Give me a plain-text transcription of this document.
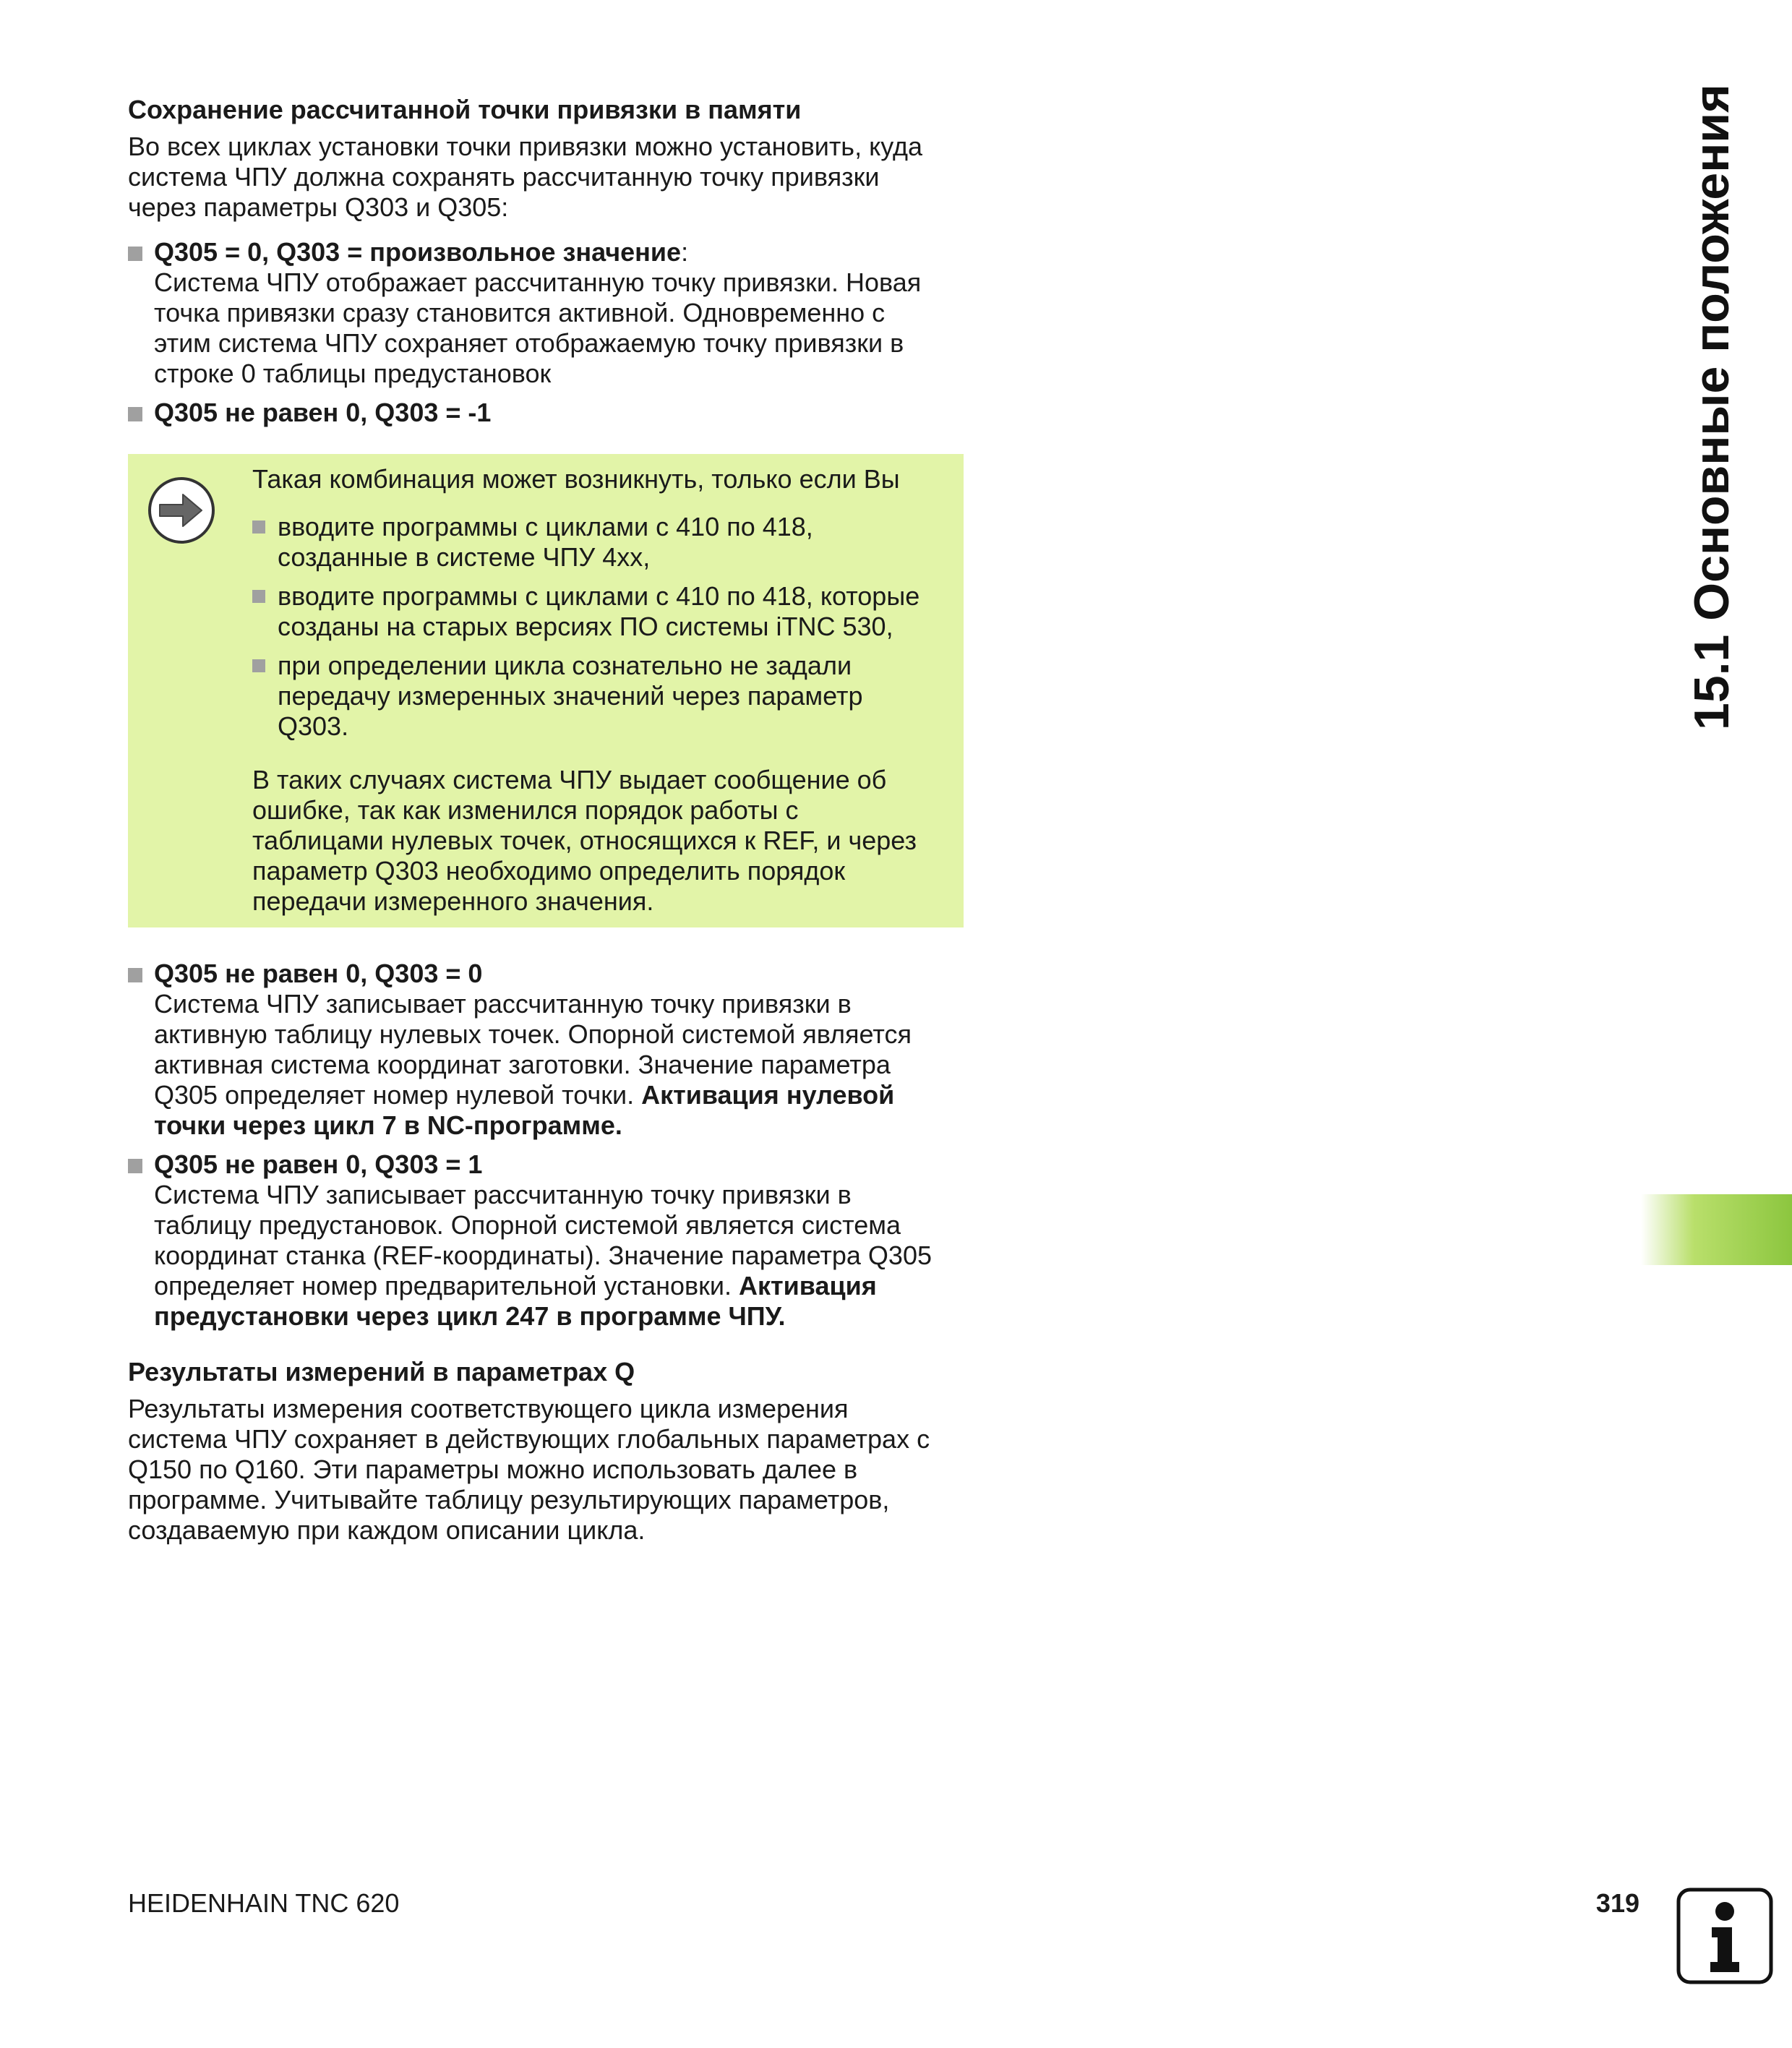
Сохранение рассчитанной точки привязки в памяти

Во всех циклах установки точки привязки можно установить, куда

система ЧПУ должна сохранять рассчитанную точку привязки

через параметры Q303 и Q305:

Q305 = 0, Q303 = произвольное значение:

Система ЧПУ отображает рассчитанную точку привязки. Новая

точка привязки сразу становится активной. Одновременно с

этим система ЧПУ сохраняет отображаемую точку привязки в

строке 0 таблицы предустановок

Q305 не равен 0, Q303 = -1

Такая комбинация может возникнуть, только если Вы

вводите программы с циклами с 410 по 418,

созданные в системе ЧПУ 4хх,

вводите программы с циклами с 410 по 418, которые

созданы на старых версиях ПО системы iTNC 530,

при определении цикла сознательно не задали

передачу измеренных значений через параметр

Q303.

В таких случаях система ЧПУ выдает сообщение об

ошибке, так как изменился порядок работы с

таблицами нулевых точек, относящихся к REF, и через

параметр Q303 необходимо определить порядок

передачи измеренного значения.

Q305 не равен 0, Q303 = 0

Система ЧПУ записывает рассчитанную точку привязки в

активную таблицу нулевых точек. Опорной системой является

активная система координат заготовки. Значение параметра

Q305 определяет номер нулевой точки. Активация нулевой

точки через цикл 7 в NC-программе.

Q305 не равен 0, Q303 = 1

Система ЧПУ записывает рассчитанную точку привязки в

таблицу предустановок. Опорной системой является система

координат станка (REF-координаты). Значение параметра Q305

определяет номер предварительной установки. Активация

предустановки через цикл 247 в программе ЧПУ.

Результаты измерений в параметрах Q

Результаты измерения соответствующего цикла измерения

система ЧПУ сохраняет в действующих глобальных параметрах с

Q150 по Q160. Эти параметры можно использовать далее в

программе. Учитывайте таблицу результирующих параметров,

создаваемую при каждом описании цикла.

15.1 Основные положения
HEIDENHAIN TNC 620	319
